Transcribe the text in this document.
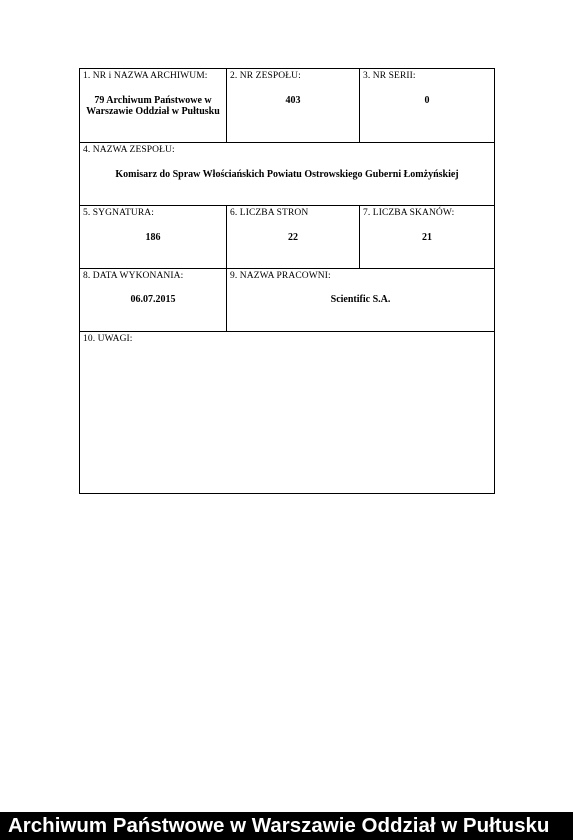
1. NR i NAZWA ARCHIWUM:
79 Archiwum Państwowe w Warszawie Oddział w Pułtusku
2. NR ZESPOŁU:
403
3. NR SERII:
0
4. NAZWA ZESPOŁU:
Komisarz do Spraw Włościańskich Powiatu Ostrowskiego Guberni Łomżyńskiej
5. SYGNATURA:
186
6. LICZBA STRON
22
7. LICZBA SKANÓW:
21
8. DATA WYKONANIA:
06.07.2015
9. NAZWA PRACOWNI:
Scientific S.A.
10. UWAGI:
Archiwum Państwowe w Warszawie Oddział w Pułtusku
